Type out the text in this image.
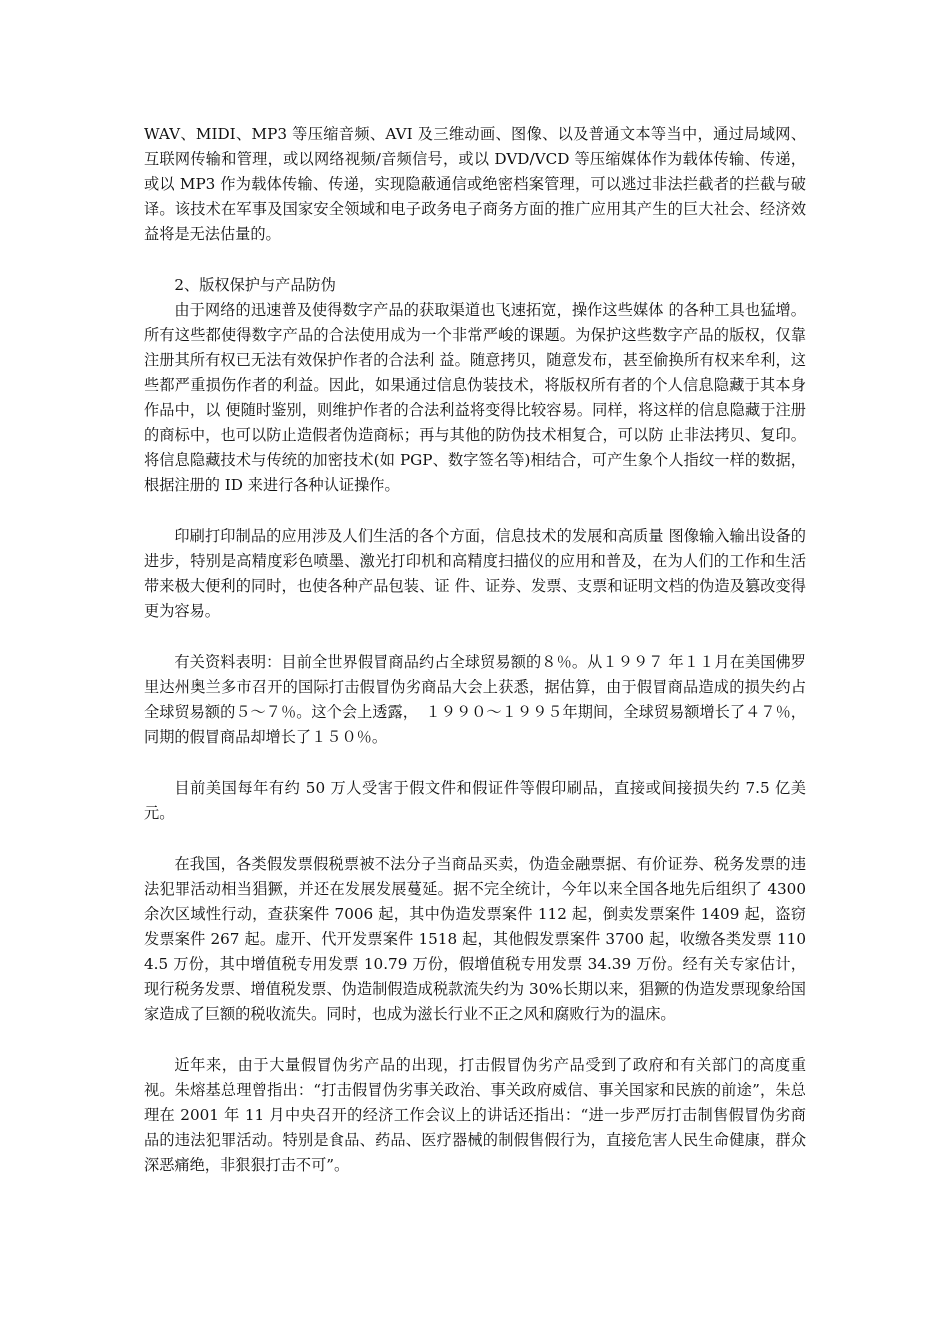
WAV、MIDI、MP3 等压缩音频、AVI 及三维动画、图像、以及普通文本等当中，通过局域网、互联网传输和管理，或以网络视频/音频信号，或以 DVD/VCD 等压缩媒体作为载体传输、传递，或以 MP3 作为载体传输、传递，实现隐蔽通信或绝密档案管理，可以逃过非法拦截者的拦截与破译。该技术在军事及国家安全领域和电子政务电子商务方面的推广应用其产生的巨大社会、经济效益将是无法估量的。

2、版权保护与产品防伪

由于网络的迅速普及使得数字产品的获取渠道也飞速拓宽，操作这些媒体 的各种工具也猛增。所有这些都使得数字产品的合法使用成为一个非常严峻的课题。为保护这些数字产品的版权，仅靠注册其所有权已无法有效保护作者的合法利 益。随意拷贝，随意发布，甚至偷换所有权来牟利，这些都严重损伤作者的利益。因此，如果通过信息伪装技术，将版权所有者的个人信息隐藏于其本身作品中，以 便随时鉴别，则维护作者的合法利益将变得比较容易。同样，将这样的信息隐藏于注册的商标中，也可以防止造假者伪造商标；再与其他的防伪技术相复合，可以防 止非法拷贝、复印。将信息隐藏技术与传统的加密技术(如 PGP、数字签名等)相结合，可产生象个人指纹一样的数据，根据注册的 ID 来进行各种认证操作。

印刷打印制品的应用涉及人们生活的各个方面，信息技术的发展和高质量 图像输入输出设备的进步，特别是高精度彩色喷墨、激光打印机和高精度扫描仪的应用和普及，在为人们的工作和生活带来极大便利的同时，也使各种产品包装、证 件、证券、发票、支票和证明文档的伪造及篡改变得更为容易。

有关资料表明：目前全世界假冒商品约占全球贸易额的８％。从１９９７ 年１１月在美国佛罗里达州奥兰多市召开的国际打击假冒伪劣商品大会上获悉，据估算，由于假冒商品造成的损失约占全球贸易额的５～７％。这个会上透露，　１９９０～１９９５年期间，全球贸易额增长了４７％，同期的假冒商品却增长了１５０％。

目前美国每年有约 50 万人受害于假文件和假证件等假印刷品，直接或间接损失约 7.5 亿美元。

在我国，各类假发票假税票被不法分子当商品买卖，伪造金融票据、有价证券、税务发票的违法犯罪活动相当猖獗，并还在发展发展蔓延。据不完全统计，今年以来全国各地先后组织了 4300 余次区域性行动，查获案件 7006 起，其中伪造发票案件 112 起，倒卖发票案件 1409 起，盗窃发票案件 267 起。虚开、代开发票案件 1518 起，其他假发票案件 3700 起，收缴各类发票 1104.5 万份，其中增值税专用发票 10.79 万份，假增值税专用发票 34.39 万份。经有关专家估计，现行税务发票、增值税发票、伪造制假造成税款流失约为 30%长期以来，猖獗的伪造发票现象给国家造成了巨额的税收流失。同时，也成为滋长行业不正之风和腐败行为的温床。

近年来，由于大量假冒伪劣产品的出现，打击假冒伪劣产品受到了政府和有关部门的高度重视。朱熔基总理曾指出：“打击假冒伪劣事关政治、事关政府威信、事关国家和民族的前途”，朱总理在 2001 年 11 月中央召开的经济工作会议上的讲话还指出：“进一步严厉打击制售假冒伪劣商品的违法犯罪活动。特别是食品、药品、医疗器械的制假售假行为，直接危害人民生命健康，群众深恶痛绝，非狠狠打击不可”。
